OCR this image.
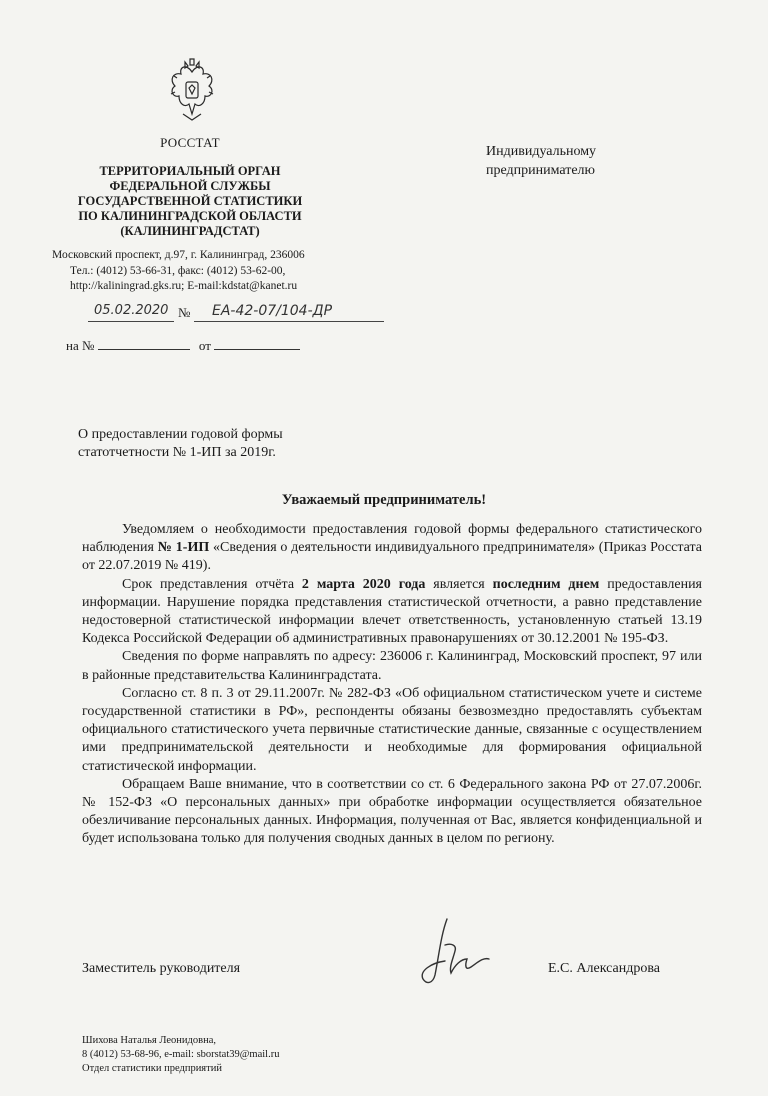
РОССТАТ
ТЕРРИТОРИАЛЬНЫЙ ОРГАН
ФЕДЕРАЛЬНОЙ СЛУЖБЫ
ГОСУДАРСТВЕННОЙ СТАТИСТИКИ
ПО КАЛИНИНГРАДСКОЙ ОБЛАСТИ
(КАЛИНИНГРАДСТАТ)
Московский проспект, д.97, г. Калининград, 236006
Тел.: (4012) 53-66-31, факс: (4012) 53-62-00,
http://kaliningrad.gks.ru; E-mail:kdstat@kanet.ru
Индивидуальному
предпринимателю
05.02.2020 № ЕА-42-07/104-ДР
на №	от
О предоставлении годовой формы
статотчетности № 1-ИП за 2019г.
Уважаемый предприниматель!

Уведомляем о необходимости предоставления годовой формы федерального статистического наблюдения № 1-ИП «Сведения о деятельности индивидуального предпринимателя» (Приказ Росстата от 22.07.2019 № 419).

Срок представления отчёта 2 марта 2020 года является последним днем предоставления информации. Нарушение порядка представления статистической отчетности, а равно представление недостоверной статистической информации влечет ответственность, установленную статьей 13.19 Кодекса Российской Федерации об административных правонарушениях от 30.12.2001 № 195-ФЗ.

Сведения по форме направлять по адресу: 236006 г. Калининград, Московский проспект, 97 или в районные представительства Калининградстата.

Согласно ст. 8 п. 3 от 29.11.2007г. № 282-ФЗ «Об официальном статистическом учете и системе государственной статистики в РФ», респонденты обязаны безвозмездно предоставлять субъектам официального статистического учета первичные статистические данные, связанные с осуществлением ими предпринимательской деятельности и необходимые для формирования официальной статистической информации.

Обращаем Ваше внимание, что в соответствии со ст. 6 Федерального закона РФ от 27.07.2006г. № 152-ФЗ «О персональных данных» при обработке информации осуществляется обязательное обезличивание персональных данных. Информация, полученная от Вас, является конфиденциальной и будет использована только для получения сводных данных в целом по региону.

Заместитель руководителя	Е.С. Александрова
Шихова Наталья Леонидовна,
8 (4012) 53-68-96, e-mail: sborstat39@mail.ru
Отдел статистики предприятий
